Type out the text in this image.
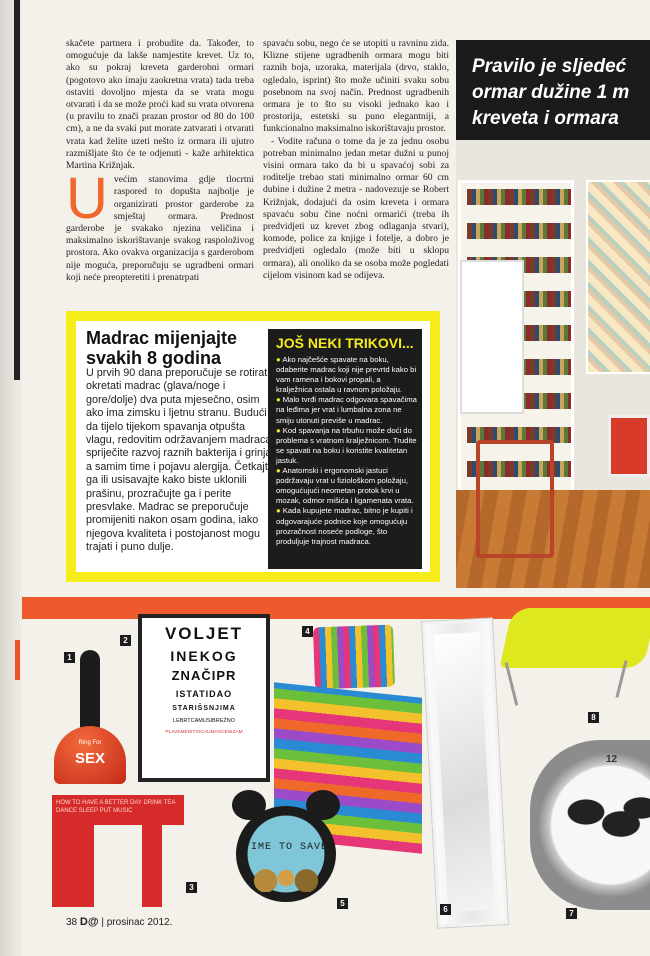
skačete partnera i probudite da. Također, to omogućuje da lakše namjestite krevet. Uz to, ako su pokraj kreveta garderobni ormari (pogotovo ako imaju zaokretna vrata) tada treba ostaviti dovoljno mjesta da se vrata mogu otvarati i da se može proći kad su vrata otvorena (u pravilu to znači prazan prostor od 80 do 100 cm), a ne da svaki put morate zatvarati i otvarati vrata kad želite uzeti nešto iz ormara ili ujutro razmišljate što će te odjenuti - kaže arhitektica Martina Križnjak.

Uvećim stanovima gdje tlocrtni raspored to dopušta najbolje je organizirati prostor garderobe za smještaj ormara. Prednost garderobe je svakako njezina veličina i maksimalno iskorištavanje svakog raspoloživog prostora. Ako ovakva organizacija s garderobom nije moguća, preporučuju se ugradbeni ormari koji neće preopteretiti i prenatrpati

spavaću sobu, nego će se utopiti u ravninu zida. Klizne stijene ugradbenih ormara mogu biti raznih boja, uzoraka, materijala (drvo, staklo, ogledalo, isprint) što može učiniti svaku sobu posebnom na svoj način. Prednost ugradbenih ormara je to što su visoki jednako kao i prostorija, estetski su puno elegantniji, a funkcionalno maksimalno iskorištavaju prostor.

- Vodite računa o tome da je za jednu osobu potreban minimalno jedan metar dužni u punoj visini ormara tako da bi u spavaćoj sobi za roditelje trebao stati minimalno ormar 60 cm dubine i dužine 2 metra - nadovezuje se Robert Križnjak, dodajući da osim kreveta i ormara spavaću sobu čine noćni ormarići (treba ih predvidjeti uz krevet zbog odlaganja stvari), komode, police za knjige i fotelje, a dobro je predvidjeti ogledalo (može biti u sklopu ormara), ali onoliko da se osoba može pogledati cijelom visinom kad se odijeva.

Pravilo je sljedeć
ormar dužine 1 m
kreveta i ormara
JOŠ NEKI TRIKOVI...
● Ako najčešće spavate na boku, odaberite madrac koji nije prevrtd kako bi vam ramena i bokovi propali, a kralježnica ostala u ravnom položaju.
● Malo tvrđi madrac odgovara spavačima na leđima jer vrat i lumbalna zona ne smiju utonuti previše u madrac.
● Kod spavanja na trbuhu može doći do problema s vratnom kralježnicom. Trudite se spavati na boku i koristite kvalitetan jastuk.
● Anatomski i ergonomski jastuci podržavaju vrat u fiziološkom položaju, omogućujući neometan protok krvi u mozak, odmor mišića i ligamenata vrata.
● Kada kupujete madrac, bitno je kupiti i odgovarajuće podnice koje omogućuju prozračnost noseće podloge, što produljuje trajnost madraca.
Madrac mijenjajte
svakih 8 godina
U prvih 90 dana preporučuje se rotirati i okretati madrac (glava/noge i gore/dolje) dva puta mjesečno, osim ako ima zimsku i ljetnu stranu. Budući da tijelo tijekom spavanja otpušta vlagu, redovitim održavanjem madraca spriječite razvoj raznih bakterija i grinja, a samim time i pojavu alergija. Četkajte ga ili usisavajte kako biste uklonili prašinu, prozračujte ga i perite presvlake. Madrac se preporučuje promijeniti nakon osam godina, iako njegova kvaliteta i postojanost mogu trajati i puno dulje.
Ring For
SEX
1
VOLJET
INEKOG
ZNAČIPR
ISTATIDAO
STARIŠSNJIMA
LEBRTCAMUSIBREŽNO
PLAVEMEDITIOCAUMASCENIZAM
2
HOW TO HAVE A BETTER DAY DRINK TEA DANCE SLEEP PUT MUSIC
3
4
TIME TO SAVE
5
6
8
12
7
38 D@ | prosinac 2012.
